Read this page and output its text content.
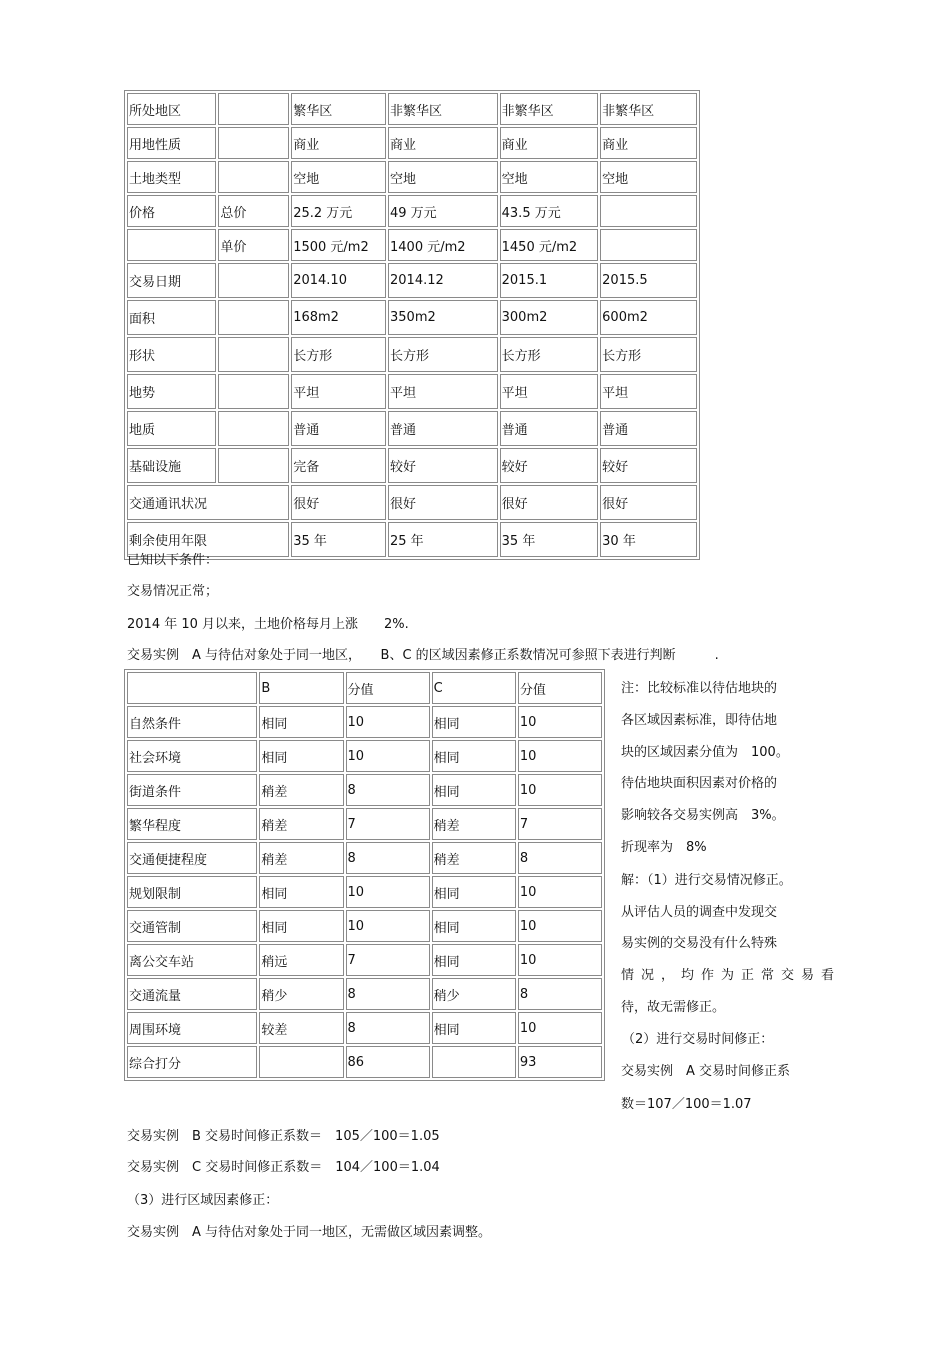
所处地区		繁华区	非繁华区	非繁华区	非繁华区
用地性质		商业	商业	商业	商业
土地类型		空地	空地	空地	空地
价格	总价	25.2 万元	49 万元	43.5 万元	
	单价	1500 元/m2	1400 元/m2	1450 元/m2	
交易日期		2014.10	2014.12	2015.1	2015.5
面积		168m2	350m2	300m2	600m2
形状		长方形	长方形	长方形	长方形
地势		平坦	平坦	平坦	平坦
地质		普通	普通	普通	普通
基础设施		完备	较好	较好	较好
交通通讯状况		很好	很好	很好	很好
剩余使用年限		35 年	25 年	35 年	30 年
已知以下条件：
交易情况正常；
2014 年 10 月以来，土地价格每月上涨　　2%.
交易实例　A 与待估对象处于同一地区，　　B、C 的区域因素修正系数情况可参照下表进行判断　　　.
	B	分值	C	分值
自然条件	相同	10	相同	10
社会环境	相同	10	相同	10
街道条件	稍差	8	相同	10
繁华程度	稍差	7	稍差	7
交通便捷程度	稍差	8	稍差	8
规划限制	相同	10	相同	10
交通管制	相同	10	相同	10
离公交车站	稍远	7	相同	10
交通流量	稍少	8	稍少	8
周围环境	较差	8	相同	10
综合打分		86		93
注：比较标准以待估地块的
各区域因素标准，即待估地
块的区域因素分值为　100。
待估地块面积因素对价格的
影响较各交易实例高　3%。
折现率为　8%
解：（1）进行交易情况修正。
从评估人员的调查中发现交
易实例的交易没有什么特殊
情况，均作为正常交易看
待，故无需修正。
（2）进行交易时间修正：
交易实例　A 交易时间修正系
数＝107／100＝1.07
交易实例　B 交易时间修正系数＝　105／100＝1.05
交易实例　C 交易时间修正系数＝　104／100＝1.04
（3）进行区域因素修正：
交易实例　A 与待估对象处于同一地区，无需做区域因素调整。
